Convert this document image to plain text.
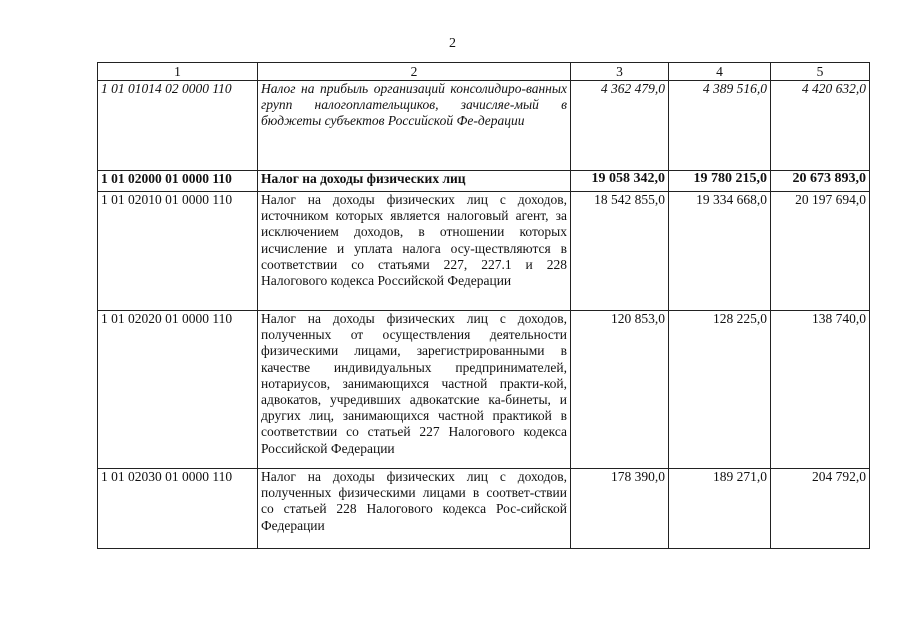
2
1	2	3	4	5
1 01 01014 02 0000 110	Налог на прибыль организаций консолидиро-ванных групп налогоплательщиков, зачисляе-мый в бюджеты субъектов Российской Фе-дерации	4 362 479,0	4 389 516,0	4 420 632,0
1 01 02000 01 0000 110	Налог на доходы физических лиц	19 058 342,0	19 780 215,0	20 673 893,0
1 01 02010 01 0000 110	Налог на доходы физических лиц с доходов, источником которых является налоговый агент, за исключением доходов, в отношении которых исчисление и уплата налога осу-ществляются в соответствии со статьями 227, 227.1 и 228 Налогового кодекса Российской Федерации	18 542 855,0	19 334 668,0	20 197 694,0
1 01 02020 01 0000 110	Налог на доходы физических лиц с доходов, полученных от осуществления деятельности физическими лицами, зарегистрированными в качестве индивидуальных предпринимателей, нотариусов, занимающихся частной практи-кой, адвокатов, учредивших адвокатские ка-бинеты, и других лиц, занимающихся частной практикой в соответствии со статьей 227 Налогового кодекса Российской Федерации	120 853,0	128 225,0	138 740,0
1 01 02030 01 0000 110	Налог на доходы физических лиц с доходов, полученных физическими лицами в соответ-ствии со статьей 228 Налогового кодекса Рос-сийской Федерации	178 390,0	189 271,0	204 792,0
